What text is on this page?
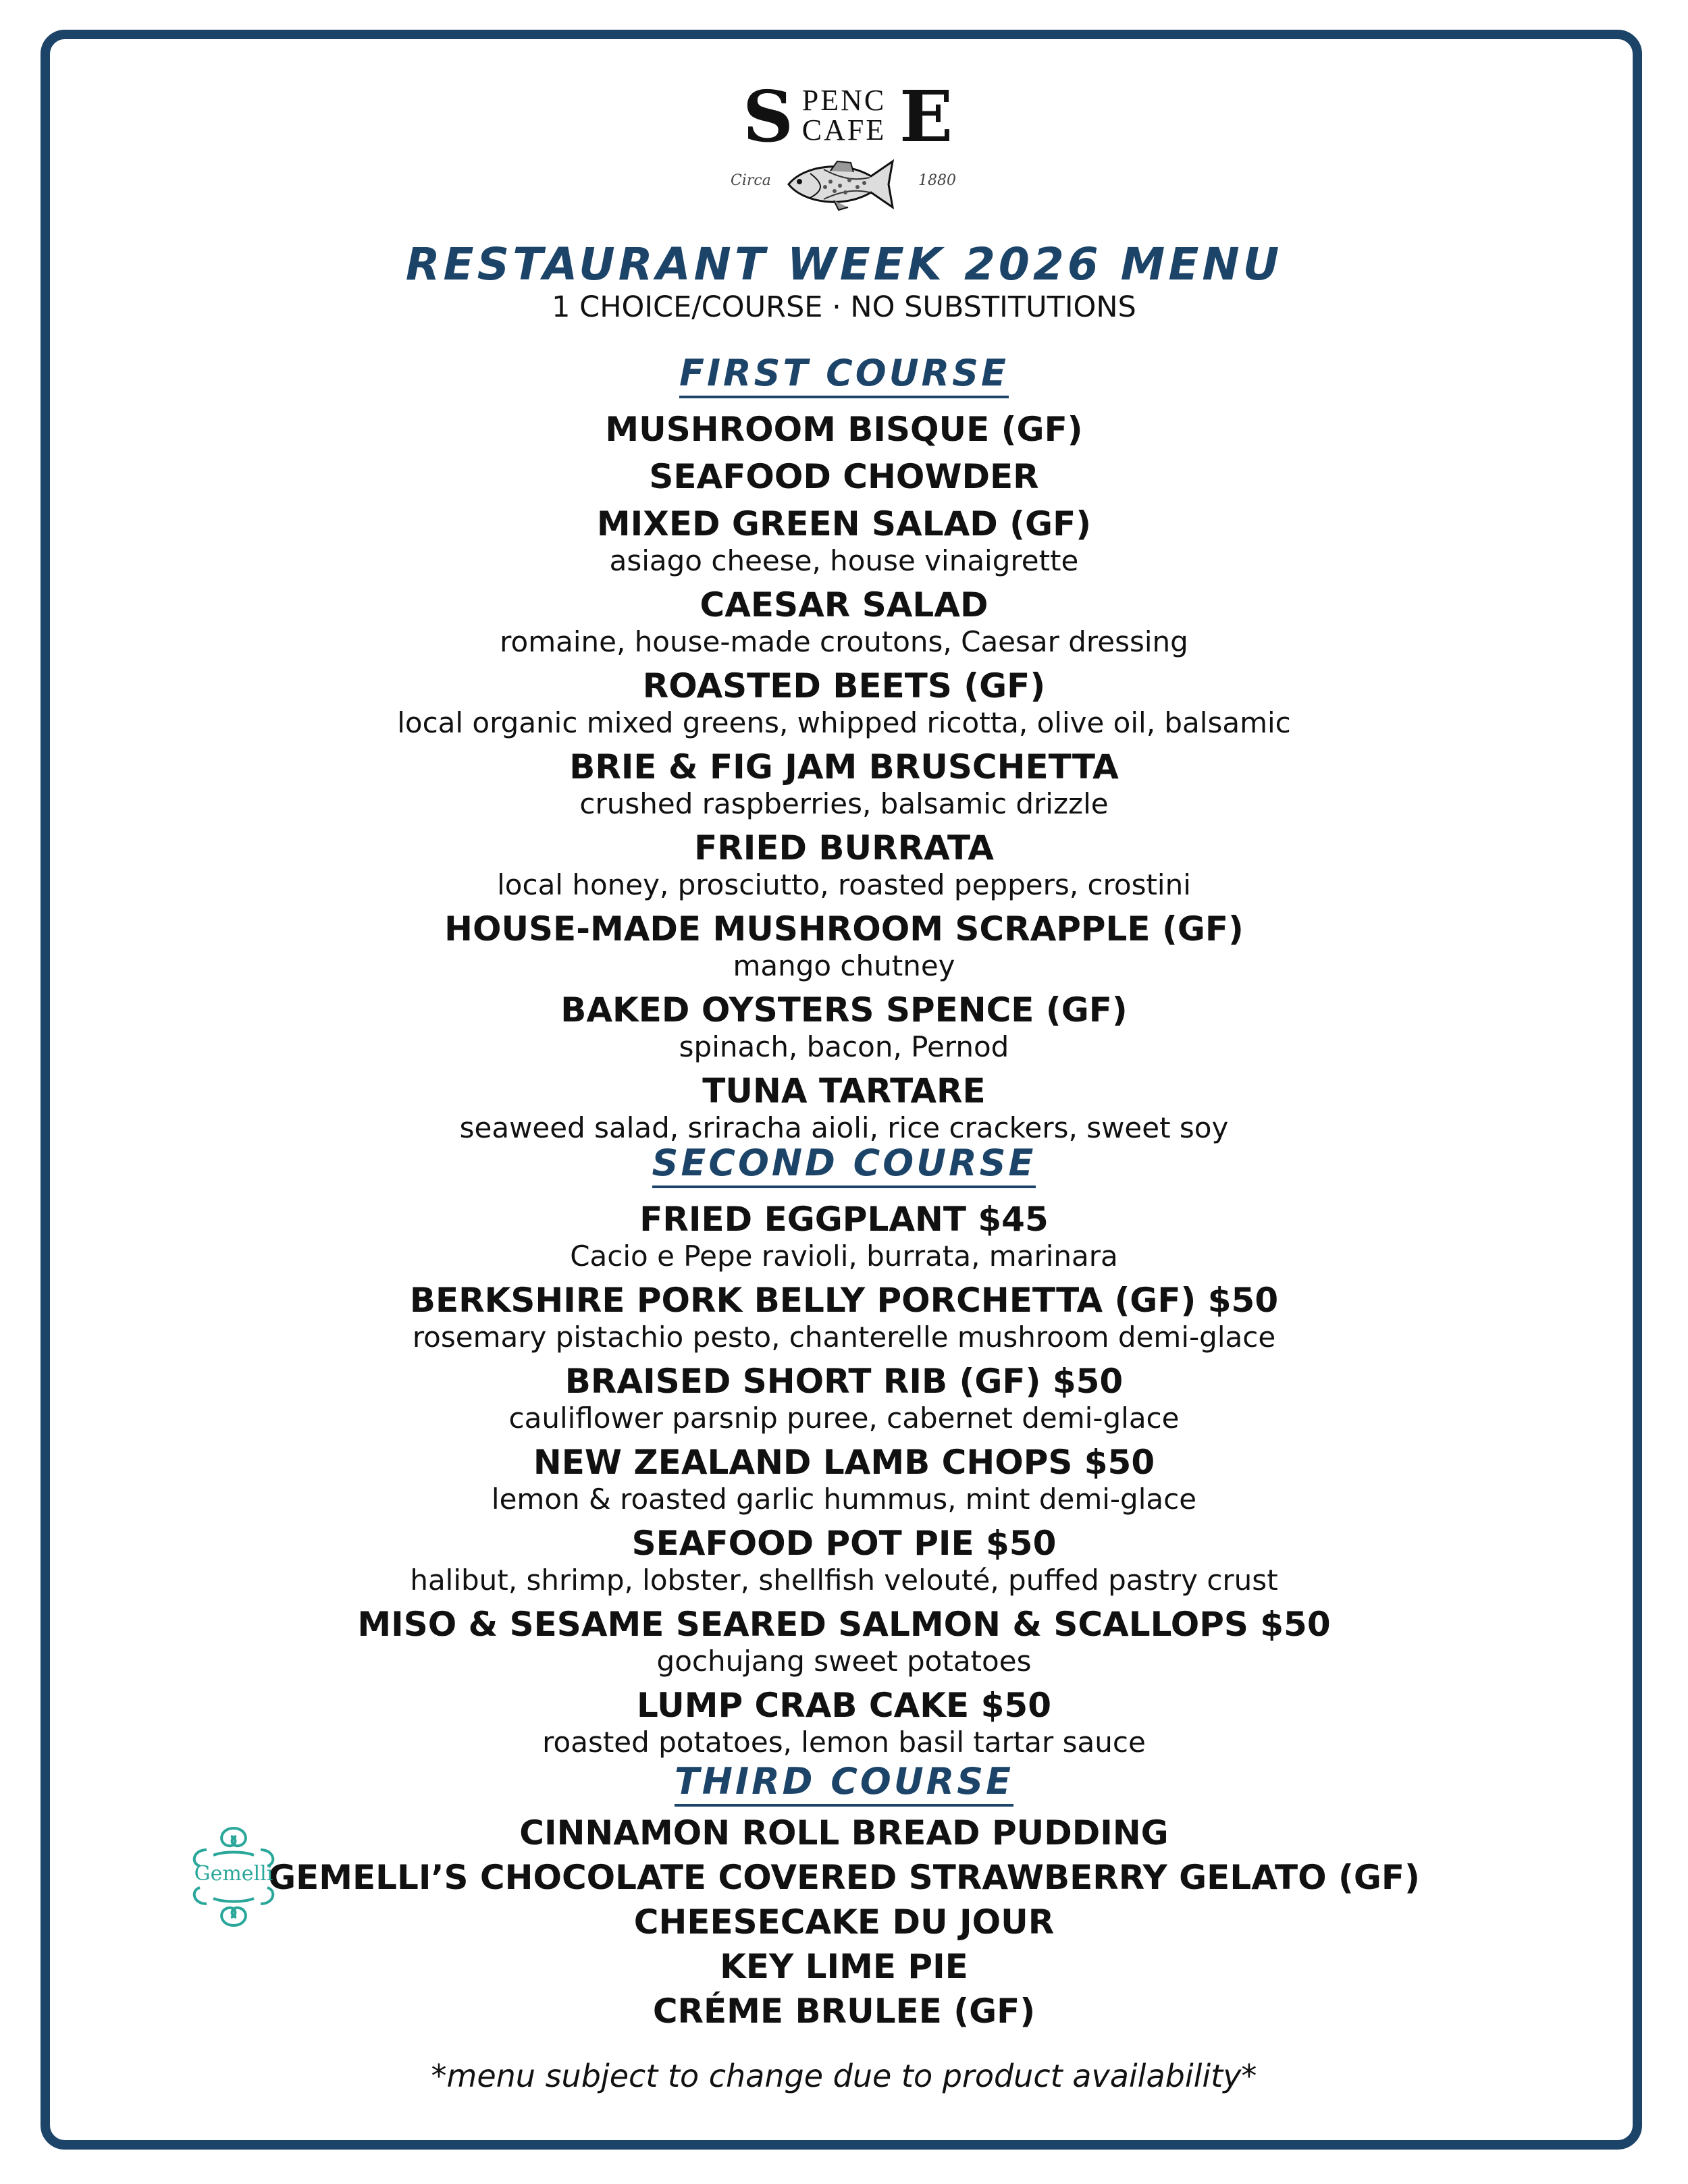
S PENC
CAFE E
Circa	1880
RESTAURANT WEEK 2026 MENU
1 CHOICE/COURSE · NO SUBSTITUTIONS
FIRST COURSE
MUSHROOM BISQUE (GF)
SEAFOOD CHOWDER
MIXED GREEN SALAD (GF)
asiago cheese, house vinaigrette
CAESAR SALAD
romaine, house-made croutons, Caesar dressing
ROASTED BEETS (GF)
local organic mixed greens, whipped ricotta, olive oil, balsamic
BRIE & FIG JAM BRUSCHETTA
crushed raspberries, balsamic drizzle
FRIED BURRATA
local honey, prosciutto, roasted peppers, crostini
HOUSE-MADE MUSHROOM SCRAPPLE (GF)
mango chutney
BAKED OYSTERS SPENCE (GF)
spinach, bacon, Pernod
TUNA TARTARE
seaweed salad, sriracha aioli, rice crackers, sweet soy
SECOND COURSE
FRIED EGGPLANT $45
Cacio e Pepe ravioli, burrata, marinara
BERKSHIRE PORK BELLY PORCHETTA (GF) $50
rosemary pistachio pesto, chanterelle mushroom demi-glace
BRAISED SHORT RIB (GF) $50
cauliflower parsnip puree, cabernet demi-glace
NEW ZEALAND LAMB CHOPS $50
lemon & roasted garlic hummus, mint demi-glace
SEAFOOD POT PIE $50
halibut, shrimp, lobster, shellfish velouté, puffed pastry crust
MISO & SESAME SEARED SALMON & SCALLOPS $50
gochujang sweet potatoes
LUMP CRAB CAKE $50
roasted potatoes, lemon basil tartar sauce
THIRD COURSE
CINNAMON ROLL BREAD PUDDING
GEMELLI’S CHOCOLATE COVERED STRAWBERRY GELATO (GF)
CHEESECAKE DU JOUR
KEY LIME PIE
CRÉME BRULEE (GF)
Gemelli
*menu subject to change due to product availability*
